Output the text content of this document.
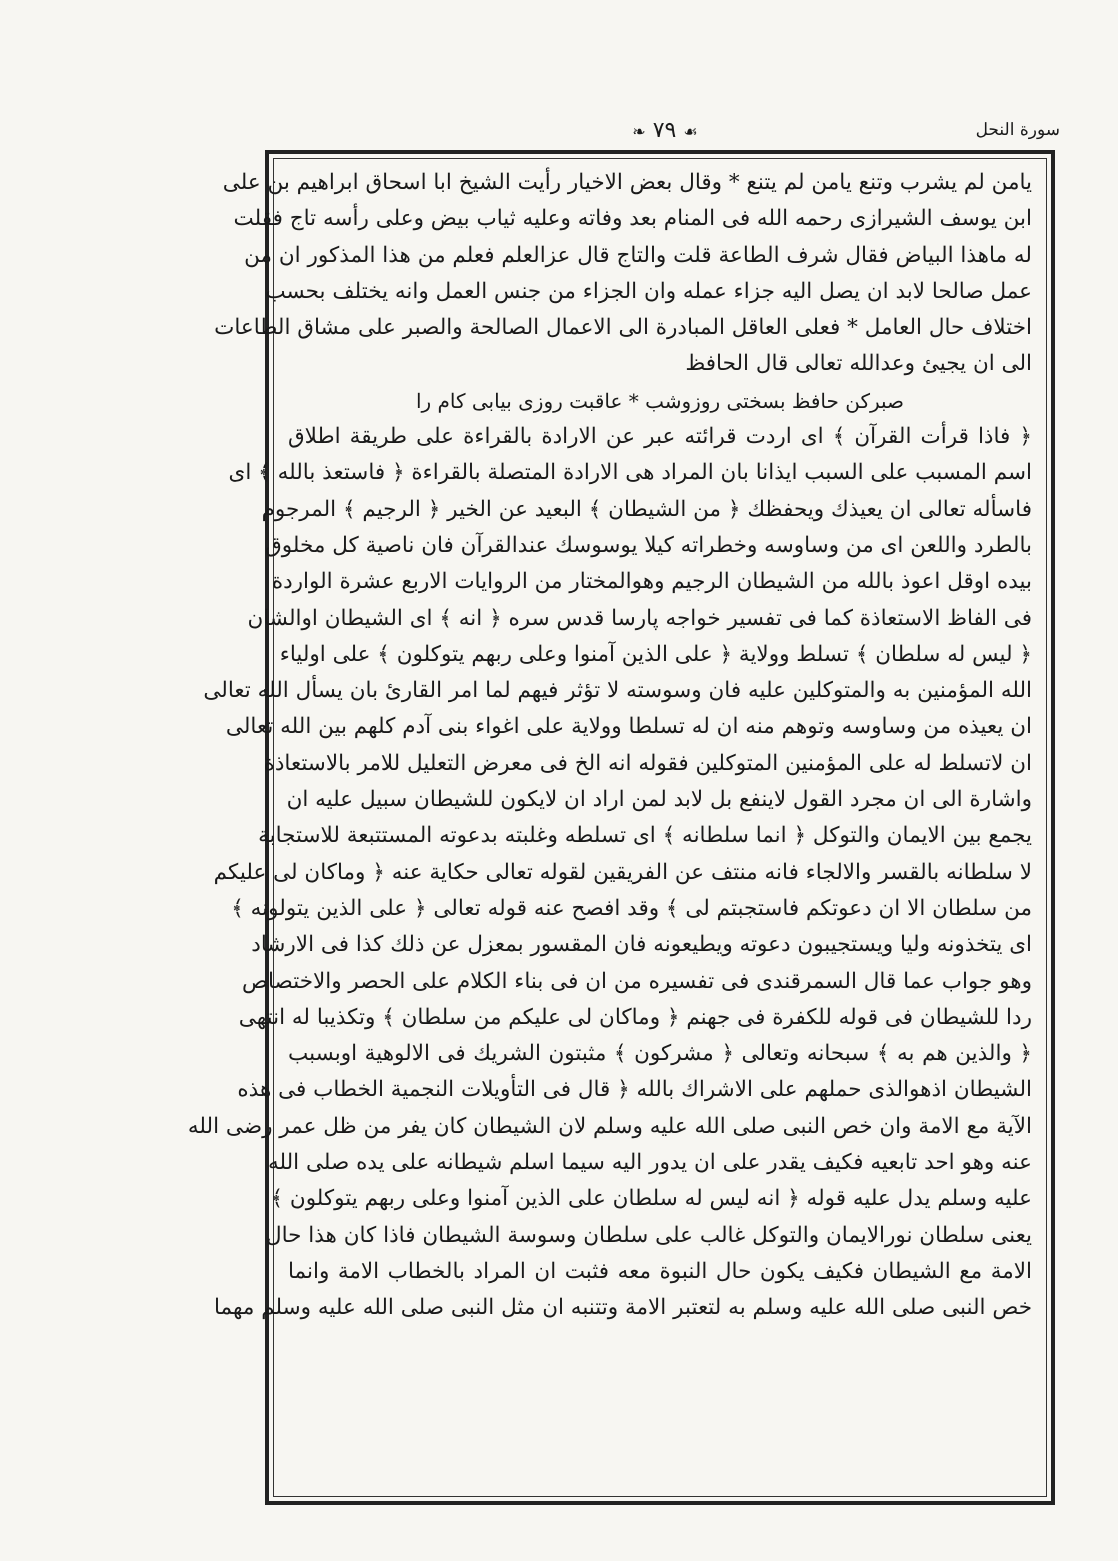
❧ ٧٩ ☙	سورة النحل
يامن لم يشرب وتنع يامن لم يتنع * وقال بعض الاخيار رأيت الشيخ ابا اسحاق ابراهيم بن على
ابن يوسف الشيرازى رحمه الله فى المنام بعد وفاته وعليه ثياب بيض وعلى رأسه تاج فقلت
له ماهذا البياض فقال شرف الطاعة قلت والتاج قال عزالعلم فعلم من هذا المذكور ان من
عمل صالحا لابد ان يصل اليه جزاء عمله وان الجزاء من جنس العمل وانه يختلف بحسب
اختلاف حال العامل * فعلى العاقل المبادرة الى الاعمال الصالحة والصبر على مشاق الطاعات
الى ان يجيئ وعدالله تعالى قال الحافظ
صبركن حافظ بسختى روزوشب * عاقبت روزى بيابى كام را
﴿ فاذا قرأت القرآن ﴾ اى اردت قرائته عبر عن الارادة بالقراءة على طريقة اطلاق
اسم المسبب على السبب ايذانا بان المراد هى الارادة المتصلة بالقراءة ﴿ فاستعذ بالله ﴾ اى
فاسأله تعالى ان يعيذك ويحفظك ﴿ من الشيطان ﴾ البعيد عن الخير ﴿ الرجيم ﴾ المرجوم
بالطرد واللعن اى من وساوسه وخطراته كيلا يوسوسك عندالقرآن فان ناصية كل مخلوق
بيده اوقل اعوذ بالله من الشيطان الرجيم وهوالمختار من الروايات الاربع عشرة الواردة
فى الفاظ الاستعاذة كما فى تفسير خواجه پارسا قدس سره ﴿ انه ﴾ اى الشيطان اوالشان
﴿ ليس له سلطان ﴾ تسلط وولاية ﴿ على الذين آمنوا وعلى ربهم يتوكلون ﴾ على اولياء
الله المؤمنين به والمتوكلين عليه فان وسوسته لا تؤثر فيهم لما امر القارئ بان يسأل الله تعالى
ان يعيذه من وساوسه وتوهم منه ان له تسلطا وولاية على اغواء بنى آدم كلهم بين الله تعالى
ان لاتسلط له على المؤمنين المتوكلين فقوله انه الخ فى معرض التعليل للامر بالاستعاذة
واشارة الى ان مجرد القول لاينفع بل لابد لمن اراد ان لايكون للشيطان سبيل عليه ان
يجمع بين الايمان والتوكل ﴿ انما سلطانه ﴾ اى تسلطه وغلبته بدعوته المستتبعة للاستجابة
لا سلطانه بالقسر والالجاء فانه منتف عن الفريقين لقوله تعالى حكاية عنه ﴿ وماكان لى عليكم
من سلطان الا ان دعوتكم فاستجبتم لى ﴾ وقد افصح عنه قوله تعالى ﴿ على الذين يتولونه ﴾
اى يتخذونه وليا ويستجيبون دعوته ويطيعونه فان المقسور بمعزل عن ذلك كذا فى الارشاد
وهو جواب عما قال السمرقندى فى تفسيره من ان فى بناء الكلام على الحصر والاختصاص
ردا للشيطان فى قوله للكفرة فى جهنم ﴿ وماكان لى عليكم من سلطان ﴾ وتكذيبا له انتهى
﴿ والذين هم به ﴾ سبحانه وتعالى ﴿ مشركون ﴾ مثبتون الشريك فى الالوهية اوبسبب
الشيطان اذهوالذى حملهم على الاشراك بالله ﴿ قال فى التأويلات النجمية الخطاب فى هذه
الآية مع الامة وان خص النبى صلى الله عليه وسلم لان الشيطان كان يفر من ظل عمر رضى الله
عنه وهو احد تابعيه فكيف يقدر على ان يدور اليه سيما اسلم شيطانه على يده صلى الله
عليه وسلم يدل عليه قوله ﴿ انه ليس له سلطان على الذين آمنوا وعلى ربهم يتوكلون ﴾
يعنى سلطان نورالايمان والتوكل غالب على سلطان وسوسة الشيطان فاذا كان هذا حال
الامة مع الشيطان فكيف يكون حال النبوة معه فثبت ان المراد بالخطاب الامة وانما
خص النبى صلى الله عليه وسلم به لتعتبر الامة وتتنبه ان مثل النبى صلى الله عليه وسلم مهما
